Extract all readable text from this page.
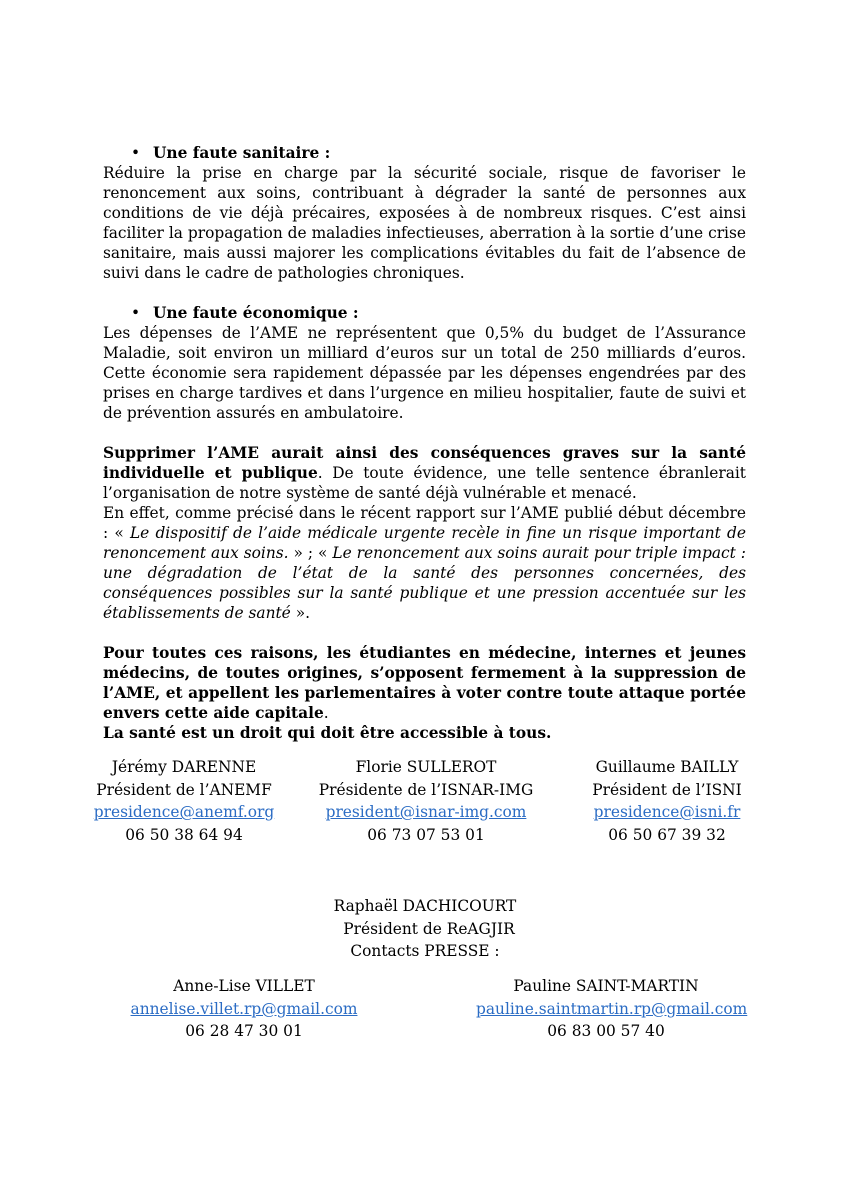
• Une faute sanitaire :

Réduire la prise en charge par la sécurité sociale, risque de favoriser le renoncement aux soins, contribuant à dégrader la santé de personnes aux conditions de vie déjà précaires, exposées à de nombreux risques. C’est ainsi faciliter la propagation de maladies infectieuses, aberration à la sortie d’une crise sanitaire, mais aussi majorer les complications évitables du fait de l’absence de suivi dans le cadre de pathologies chroniques.

• Une faute économique :

Les dépenses de l’AME ne représentent que 0,5% du budget de l’Assurance Maladie, soit environ un milliard d’euros sur un total de 250 milliards d’euros. Cette économie sera rapidement dépassée par les dépenses engendrées par des prises en charge tardives et dans l’urgence en milieu hospitalier, faute de suivi et de prévention assurés en ambulatoire.

Supprimer l’AME aurait ainsi des conséquences graves sur la santé individuelle et publique. De toute évidence, une telle sentence ébranlerait l’organisation de notre système de santé déjà vulnérable et menacé.

En effet, comme précisé dans le récent rapport sur l’AME publié début décembre : « Le dispositif de l’aide médicale urgente recèle in fine un risque important de renoncement aux soins. » ; « Le renoncement aux soins aurait pour triple impact : une dégradation de l’état de la santé des personnes concernées, des conséquences possibles sur la santé publique et une pression accentuée sur les établissements de santé ».

Pour toutes ces raisons, les étudiantes en médecine, internes et jeunes médecins, de toutes origines, s’opposent fermement à la suppression de l’AME, et appellent les parlementaires à voter contre toute attaque portée envers cette aide capitale.
La santé est un droit qui doit être accessible à tous.

Jérémy DARENNE
Président de l’ANEMF
presidence@anemf.org
06 50 38 64 94
Florie SULLEROT
Présidente de l’ISNAR-IMG
president@isnar-img.com
06 73 07 53 01
Guillaume BAILLY
Président de l’ISNI
presidence@isni.fr
06 50 67 39 32
Raphaël DACHICOURT
Président de ReAGJIR
Contacts PRESSE :
Anne-Lise VILLET
annelise.villet.rp@gmail.com
06 28 47 30 01
Pauline SAINT-MARTIN
pauline.saintmartin.rp@gmail.com
06 83 00 57 40
